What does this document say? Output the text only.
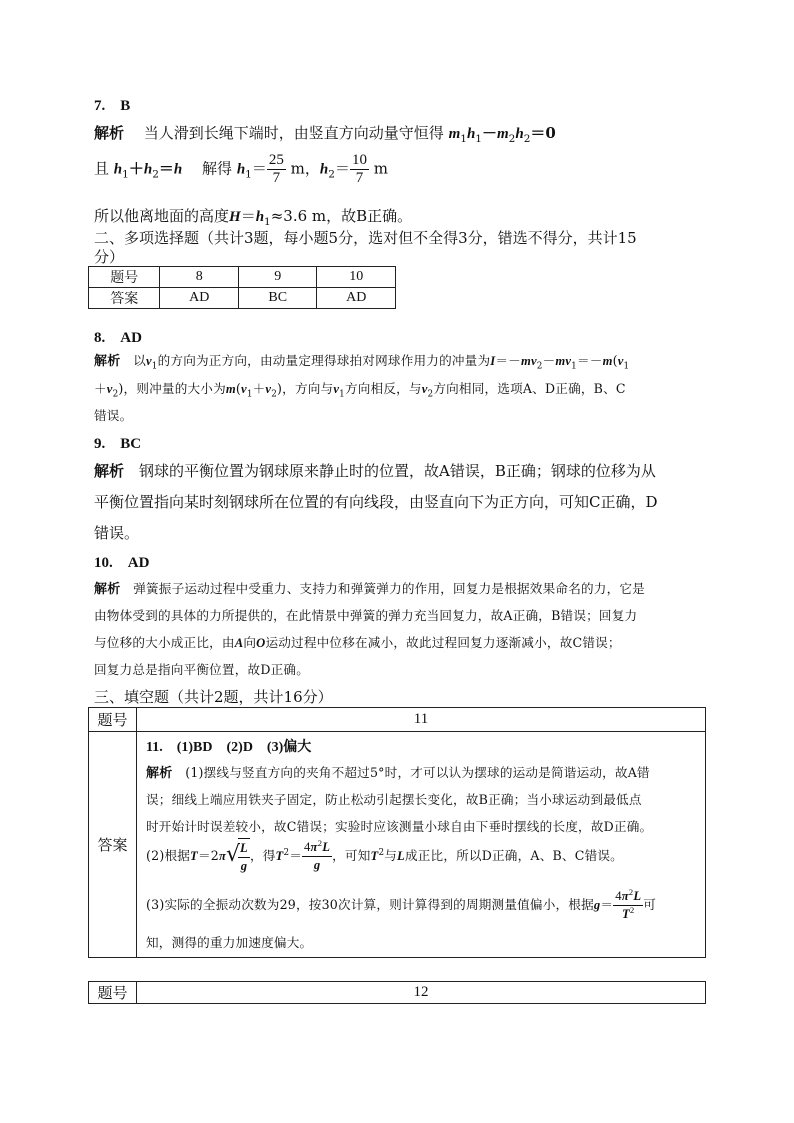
7.　B
解析　 当人滑到长绳下端时，由竖直方向动量守恒得 $m_1h_1-m_2h_2=0$
且 $h_1+h_2=h$　 解得 $h_1= \frac{25}{7}$ m，$h_2= \frac{10}{7}$ m
所以他离地面的高度$H=h_1\approx 3.6$ m，故B正确。
二、多项选择题（共计3题，每小题5分，选对但不全得3分，错选不得分，共计15
分）
题号	8	9	10
答案	AD	BC	AD
8.　AD
解析　 以$v_1$的方向为正方向，由动量定理得球拍对网球作用力的冲量为$I=-mv_2-mv_1=-m(v_1$
$+v_2$)，则冲量的大小为$m(v_1+v_2)$，方向与$v_1$方向相反，与$v_2$方向相同，选项A、D正确，B、C
错误。
9.　BC
解析　 钢球的平衡位置为钢球原来静止时的位置，故A错误，B正确；钢球的位移为从
平衡位置指向某时刻钢球所在位置的有向线段，由竖直向下为正方向，可知C正确，D
错误。
10.　AD
解析　 弹簧振子运动过程中受重力、支持力和弹簧弹力的作用，回复力是根据效果命名的力，它是
由物体受到的具体的力所提供的，在此情景中弹簧的弹力充当回复力，故A正确，B错误；回复力
与位移的大小成正比，由A向O运动过程中位移在减小，故此过程回复力逐渐减小，故C错误；
回复力总是指向平衡位置，故D正确。
三、填空题（共计2题，共计16分）
题号	11
答案	
11.　(1)BD　(2)D　(3)偏大
解析　 (1)摆线与竖直方向的夹角不超过5°时，才可以认为摆球的运动是简谐运动，故A错
误；细线上端应用铁夹子固定，防止松动引起摆长变化，故B正确；当小球运动到最低点
时开始计时误差较小，故C错误；实验时应该测量小球自由下垂时摆线的长度，故D正确。
(2)根据T＝2π √
$\frac{L}{g}$ ，得$T^2= \frac{4\pi^2L}{g}$ ，可知$T^2$与L成正比，所以D正确，A、B、C错误。
(3)实际的全振动次数为29，按30次计算，则计算得到的周期测量值偏小，根据$g= \frac{4\pi^2L}{T^2}$ 可
知，测得的重力加速度偏大。
题号	12
